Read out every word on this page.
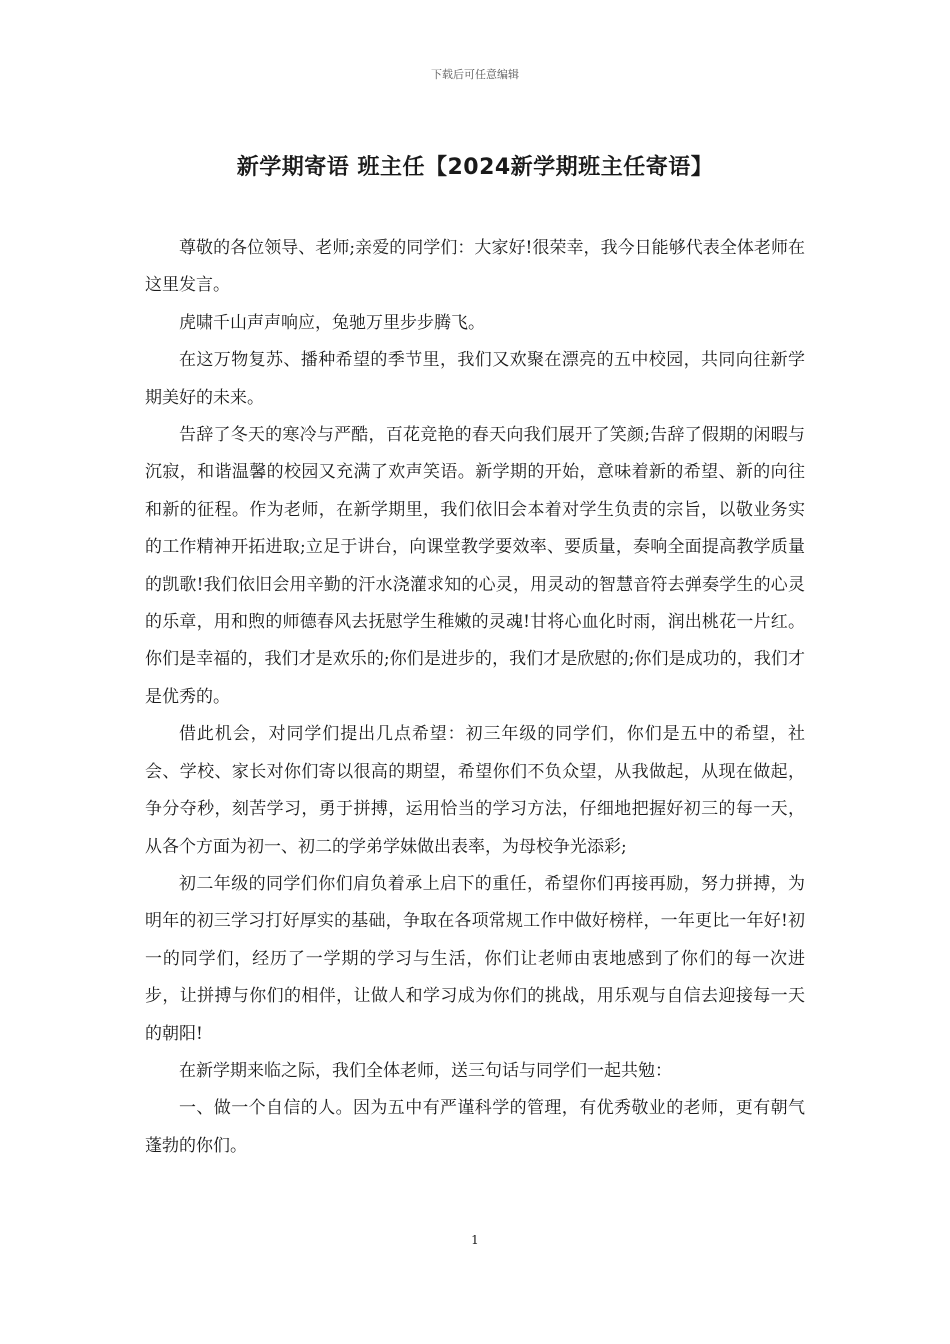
下载后可任意编辑
新学期寄语 班主任【2024新学期班主任寄语】

尊敬的各位领导、老师;亲爱的同学们：大家好!很荣幸，我今日能够代表全体老师在这里发言。

虎啸千山声声响应，兔驰万里步步腾飞。

在这万物复苏、播种希望的季节里，我们又欢聚在漂亮的五中校园，共同向往新学期美好的未来。

告辞了冬天的寒冷与严酷，百花竞艳的春天向我们展开了笑颜;告辞了假期的闲暇与沉寂，和谐温馨的校园又充满了欢声笑语。新学期的开始，意味着新的希望、新的向往和新的征程。作为老师，在新学期里，我们依旧会本着对学生负责的宗旨，以敬业务实的工作精神开拓进取;立足于讲台，向课堂教学要效率、要质量，奏响全面提高教学质量的凯歌!我们依旧会用辛勤的汗水浇灌求知的心灵，用灵动的智慧音符去弹奏学生的心灵的乐章，用和煦的师德春风去抚慰学生稚嫩的灵魂!甘将心血化时雨，润出桃花一片红。你们是幸福的，我们才是欢乐的;你们是进步的，我们才是欣慰的;你们是成功的，我们才是优秀的。

借此机会，对同学们提出几点希望：初三年级的同学们，你们是五中的希望，社会、学校、家长对你们寄以很高的期望，希望你们不负众望，从我做起，从现在做起，争分夺秒，刻苦学习，勇于拼搏，运用恰当的学习方法，仔细地把握好初三的每一天，从各个方面为初一、初二的学弟学妹做出表率，为母校争光添彩;

初二年级的同学们你们肩负着承上启下的重任，希望你们再接再励，努力拼搏，为明年的初三学习打好厚实的基础，争取在各项常规工作中做好榜样，一年更比一年好!初一的同学们，经历了一学期的学习与生活，你们让老师由衷地感到了你们的每一次进步，让拼搏与你们的相伴，让做人和学习成为你们的挑战，用乐观与自信去迎接每一天的朝阳!

在新学期来临之际，我们全体老师，送三句话与同学们一起共勉：

一、做一个自信的人。因为五中有严谨科学的管理，有优秀敬业的老师，更有朝气蓬勃的你们。

1
